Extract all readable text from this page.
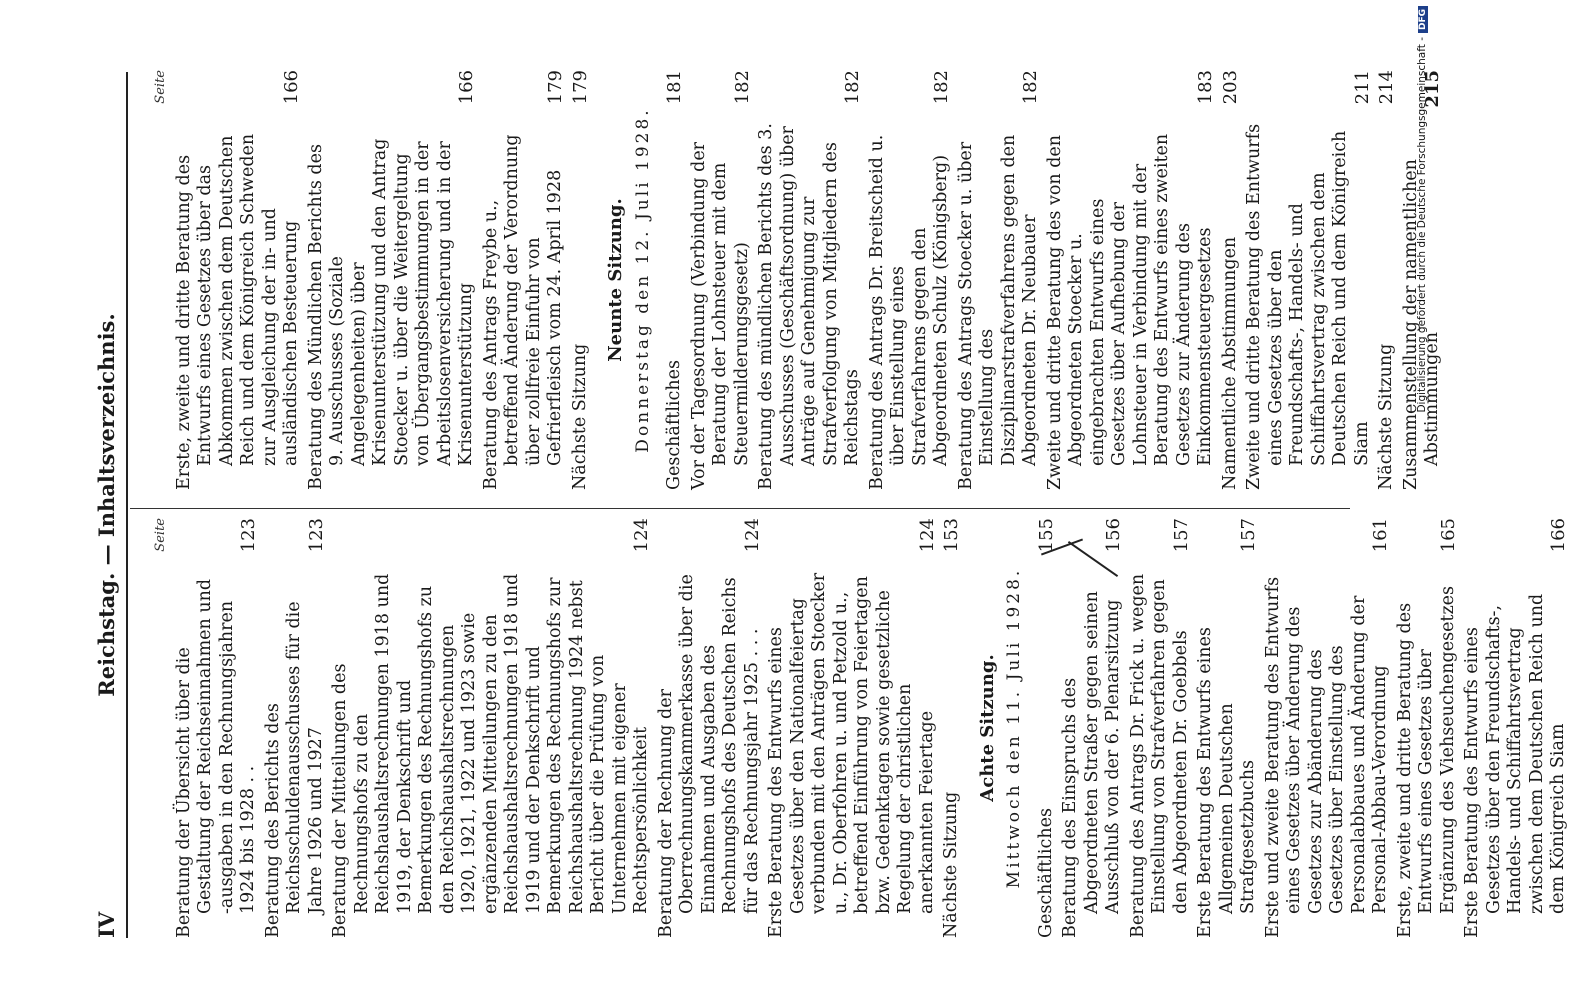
IV
Reichstag. — Inhaltsverzeichnis.	Seite
Beratung der Übersicht über die Gestaltung der Reichseinnahmen und -ausgaben in den Rechnungsjahren 1924 bis 1928 . .
123
Beratung des Berichts des Reichsschuldenausschusses für die Jahre 1926 und 1927
123
Beratung der Mitteilungen des Rechnungshofs zu den Reichshaushaltsrechnungen 1918 und 1919, der Denkschrift und Bemerkungen des Rechnungshofs zu den Reichshaushaltsrechnungen 1920, 1921, 1922 und 1923 sowie ergänzenden Mitteilungen zu den Reichshaushaltsrechnungen 1918 und 1919 und der Denkschrift und Bemerkungen des Rechnungshofs zur Reichshaushaltsrechnung 1924 nebst Bericht über die Prüfung von Unternehmen mit eigener Rechtspersönlichkeit
124
Beratung der Rechnung der Oberrechnungskammerkasse über die Einnahmen und Ausgaben des Rechnungshofs des Deutschen Reichs für das Rechnungsjahr 1925 . . .
124
Erste Beratung des Entwurfs eines Gesetzes über den Nationalfeiertag verbunden mit den Anträgen Stoecker u., Dr. Oberfohren u. und Petzold u., betreffend Einführung von Feiertagen bzw. Gedenktagen sowie gesetzliche Regelung der christlichen anerkannten Feiertage
124
Nächste Sitzung
153
Achte Sitzung. Mittwoch den 11. Juli 1928. Geschäftliches
155
Beratung des Einspruchs des Abgeordneten Straßer gegen seinen Ausschluß von der 6. Plenarsitzung
156
Beratung des Antrags Dr. Frick u. wegen Einstellung von Strafverfahren gegen den Abgeordneten Dr. Goebbels
157
Erste Beratung des Entwurfs eines Allgemeinen Deutschen Strafgesetzbuchs
157
Erste und zweite Beratung des Entwurfs eines Gesetzes über Änderung des Gesetzes zur Abänderung des Gesetzes über Einstellung des Personalabbaues und Änderung der Personal-Abbau-Verordnung
161
Erste, zweite und dritte Beratung des Entwurfs eines Gesetzes über Ergänzung des Viehseuchengesetzes
165
Erste Beratung des Entwurfs eines Gesetzes über den Freundschafts-, Handels- und Schiffahrtsvertrag zwischen dem Deutschen Reich und dem Königreich Siam
166
Seite
Erste, zweite und dritte Beratung des Entwurfs eines Gesetzes über das Abkommen zwischen dem Deutschen Reich und dem Königreich Schweden zur Ausgleichung der in- und ausländischen Besteuerung
166
Beratung des Mündlichen Berichts des 9. Ausschusses (Soziale Angelegenheiten) über Krisenunterstützung und den Antrag Stoecker u. über die Weitergeltung von Übergangsbestimmungen in der Arbeitslosenversicherung und in der Krisenunterstützung
166
Beratung des Antrags Freybe u., betreffend Änderung der Verordnung über zollfreie Einfuhr von Gefrierfleisch vom 24. April 1928
179
Nächste Sitzung
179
Neunte Sitzung. Donnerstag den 12. Juli 1928. Geschäftliches
181
Vor der Tagesordnung (Verbindung der Beratung der Lohnsteuer mit dem Steuermilderungsgesetz)
182
Beratung des mündlichen Berichts des 3. Ausschusses (Geschäftsordnung) über Anträge auf Genehmigung zur Strafverfolgung von Mitgliedern des Reichstags
182
Beratung des Antrags Dr. Breitscheid u. über Einstellung eines Strafverfahrens gegen den Abgeordneten Schulz (Königsberg)
182
Beratung des Antrags Stoecker u. über Einstellung des Disziplinarstrafverfahrens gegen den Abgeordneten Dr. Neubauer
182
Zweite und dritte Beratung des von den Abgeordneten Stoecker u. eingebrachten Entwurfs eines Gesetzes über Aufhebung der Lohnsteuer in Verbindung mit der Beratung des Entwurfs eines zweiten Gesetzes zur Änderung des Einkommensteuergesetzes
183
Namentliche Abstimmungen
203
Zweite und dritte Beratung des Entwurfs eines Gesetzes über den Freundschafts-, Handels- und Schiffahrtsvertrag zwischen dem Deutschen Reich und dem Königreich Siam
211
Nächste Sitzung
214
Zusammenstellung der namentlichen Abstimmungen
215
Digitalisierung gefördert durch die Deutsche Forschungsgemeinschaft -DFG
